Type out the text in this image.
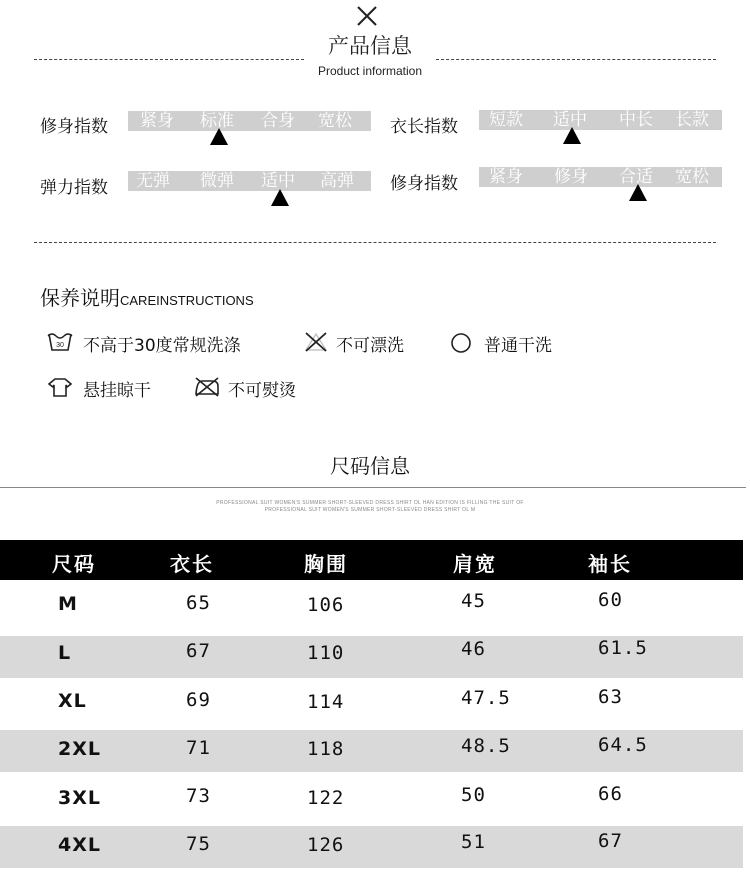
产品信息
Product information
修身指数 紧身 标准 合身 宽松 衣长指数 短款 适中 中长 长款
弹力指数 无弹 微弹 适中 高弹 修身指数 紧身 修身 合适 宽松
保养说明CAREINSTRUCTIONS
30 不高于30度常规洗涤	不可漂洗	普通干洗
悬挂晾干	不可熨烫
尺码信息
PROFESSIONAL SUIT WOMEN'S SUMMER SHORT-SLEEVED DRESS SHIRT OL HAN EDITION IS FILLING THE SUIT OF
PROFESSIONAL SUIT WOMEN'S SUMMER SHORT-SLEEVED DRESS SHIRT OL M
尺码	衣长	胸围	肩宽	袖长
M	65	106	45	60
L	67	110	46	61.5
XL	69	114	47.5	63
2XL	71	118	48.5	64.5
3XL	73	122	50	66
4XL	75	126	51	67
